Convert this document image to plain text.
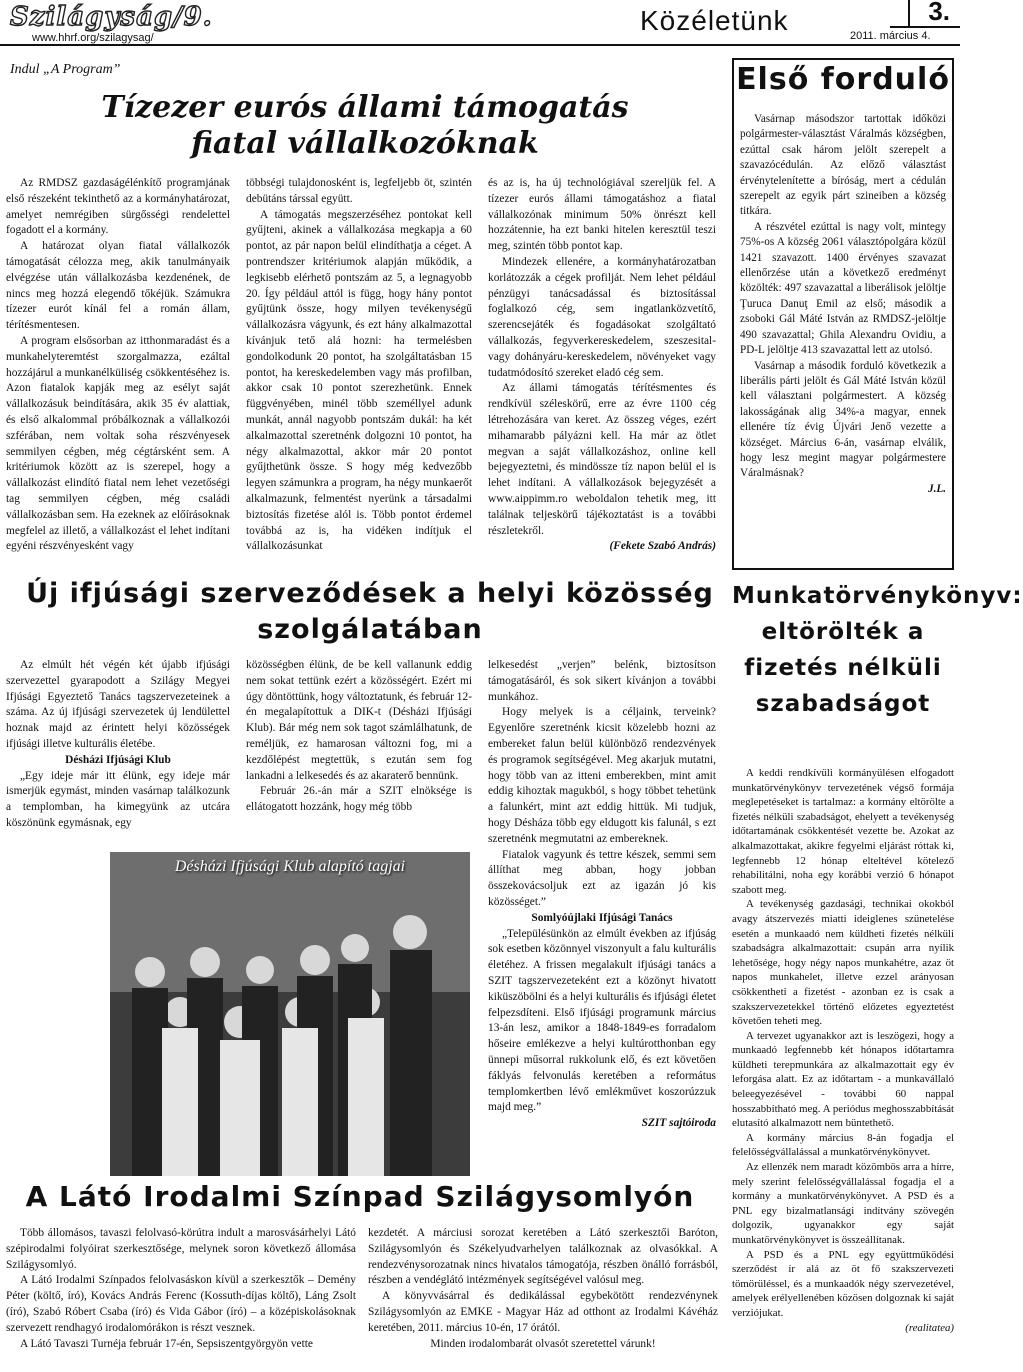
Szilágyság/9.
www.hhrf.org/szilagysag/
Közéletünk	3.
2011. március 4.
Indul „A Program”
Tízezer eurós állami támogatás fiatal vállalkozóknak

Az RMDSZ gazdaságélénkítő programjának első részeként tekinthető az a kormányhatározat, amelyet nemrégiben sürgősségi rendelettel fogadott el a kormány.

A határozat olyan fiatal vállalkozók támogatását célozza meg, akik tanulmányaik elvégzése után vállalkozásba kezdenének, de nincs meg hozzá elegendő tőkéjük. Számukra tízezer eurót kínál fel a román állam, térítésmentesen.

A program elsősorban az itthonmaradást és a munkahelyteremtést szorgalmazza, ezáltal hozzájárul a munkanélküliség csökkentéséhez is. Azon fiatalok kapják meg az esélyt saját vállalkozásuk beindítására, akik 35 év alattiak, és első alkalommal próbálkoznak a vállalkozói szférában, nem voltak soha részvényesek semmilyen cégben, még cégtársként sem. A kritériumok között az is szerepel, hogy a vállalkozást elindító fiatal nem lehet vezetőségi tag semmilyen cégben, még családi vállalkozásban sem. Ha ezeknek az előírásoknak megfelel az illető, a vállalkozást el lehet indítani egyéni részvényesként vagy

többségi tulajdonosként is, legfeljebb öt, szintén debütáns társsal együtt.

A támogatás megszerzéséhez pontokat kell gyűjteni, akinek a vállalkozása megkapja a 60 pontot, az pár napon belül elindíthatja a céget. A pontrendszer kritériumok alapján működik, a legkisebb elérhető pontszám az 5, a legnagyobb 20. Így például attól is függ, hogy hány pontot gyűjtünk össze, hogy milyen tevékenységű vállalkozásra vágyunk, és ezt hány alkalmazottal kívánjuk tető alá hozni: ha termelésben gondolkodunk 20 pontot, ha szolgáltatásban 15 pontot, ha kereskedelemben vagy más profilban, akkor csak 10 pontot szerezhetünk. Ennek függvényében, minél több személlyel adunk munkát, annál nagyobb pontszám dukál: ha két alkalmazottal szeretnénk dolgozni 10 pontot, ha négy alkalmazottal, akkor már 20 pontot gyűjthetünk össze. S hogy még kedvezőbb legyen számunkra a program, ha négy munkaerőt alkalmazunk, felmentést nyerünk a társadalmi biztosítás fizetése alól is. Több pontot érdemel továbbá az is, ha vidéken indítjuk el vállalkozásunkat

és az is, ha új technológiával szereljük fel. A tízezer eurós állami támogatáshoz a fiatal vállalkozónak minimum 50% önrészt kell hozzátennie, ha ezt banki hitelen keresztül teszi meg, szintén több pontot kap.

Mindezek ellenére, a kormányhatározatban korlátozzák a cégek profilját. Nem lehet például pénzügyi tanácsadással és biztosítással foglalkozó cég, sem ingatlanközvetítő, szerencsejáték és fogadásokat szolgáltató vállalkozás, fegyverkereskedelem, szeszesital- vagy dohányáru-kereskedelem, növényeket vagy tudatmódosító szereket eladó cég sem.

Az állami támogatás térítésmentes és rendkívül széleskörű, erre az évre 1100 cég létrehozására van keret. Az összeg véges, ezért mihamarabb pályázni kell. Ha már az ötlet megvan a saját vállalkozáshoz, online kell bejegyeztetni, és mindössze tíz napon belül el is lehet indítani. A vállalkozások bejegyzését a www.aippimm.ro weboldalon tehetik meg, itt találnak teljeskörű tájékoztatást is a további részletekről.

(Fekete Szabó András)

Első forduló

Vasárnap másodszor tartottak időközi polgármester-választást Váralmás községben, ezúttal csak három jelölt szerepelt a szavazócédulán. Az előző választást érvénytelenítette a bíróság, mert a cédulán szerepelt az egyik párt szineiben a község titkára.

A részvétel ezúttal is nagy volt, mintegy 75%-os A község 2061 választópolgára közül 1421 szavazott. 1400 érvényes szavazat ellenőrzése után a következő eredményt közölték: 497 szavazattal a liberálisok jelöltje Ţurucа Danuţ Emil az első; második a zsoboki Gál Máté István az RMDSZ-jelöltje 490 szavazattal; Ghila Alexandru Ovidiu, a PD-L jelöltje 413 szavazattal lett az utolsó.

Vasárnap a második forduló következik a liberális párti jelölt és Gál Máté István közül kell választani polgármestert. A község lakosságának alig 34%-a magyar, ennek ellenére tíz évig Újvári Jenő vezette a községet. Március 6-án, vasárnap elválik, hogy lesz megint magyar polgármestere Váralmásnak?

J.L.

Új ifjúsági szerveződések a helyi közösség szolgálatában

Az elmúlt hét végén két újabb ifjúsági szervezettel gyarapodott a Szilágy Megyei Ifjúsági Egyeztető Tanács tagszervezeteinek a száma. Az új ifjúsági szervezetek új lendülettel hoznak majd az érintett helyi közösségek ifjúsági illetve kulturális életébe.

Désházi Ifjúsági Klub

„Egy ideje már itt élünk, egy ideje már ismerjük egymást, minden vasárnap találkozunk a templomban, ha kimegyünk az utcára köszönünk egymásnak, egy

közösségben élünk, de be kell vallanunk eddig nem sokat tettünk ezért a közösségért. Ezért mi úgy döntöttünk, hogy változtatunk, és február 12-én megalapítottuk a DIK-t (Désházi Ifjúsági Klub). Bár még nem sok tagot számlálhatunk, de reméljük, ez hamarosan változni fog, mi a kezdőlépést megtettük, s ezután sem fog lankadni a lelkesedés és az akaraterő bennünk.

Február 26.-án már a SZIT elnöksége is ellátogatott hozzánk, hogy még több

lelkesedést „verjen” belénk, biztosítson támogatásáról, és sok sikert kívánjon a további munkához.

Hogy melyek is a céljaink, terveink? Egyenlőre szeretnénk kicsit közelebb hozni az embereket falun belül különböző rendezvények és programok segítségével. Meg akarjuk mutatni, hogy több van az itteni emberekben, mint amit eddig kihoztak magukból, s hogy többet tehetünk a falunkért, mint azt eddig hittük. Mi tudjuk, hogy Désháza több egy eldugott kis falunál, s ezt szeretnénk megmutatni az embereknek.

Fiatalok vagyunk és tettre készek, semmi sem állíthat meg abban, hogy jobban összekovácsoljuk ezt az igazán jó kis közösséget.”

Somlyóújlaki Ifjúsági Tanács

„Településünkön az elmúlt években az ifjúság sok esetben közönnyel viszonyult a falu kulturális életéhez. A frissen megalakult ifjúsági tanács a SZIT tagszervezeteként ezt a közönyt hivatott kiküszöbölni és a helyi kulturális és ifjúsági életet felpezsdíteni. Első ifjúsági programunk március 13-án lesz, amikor a 1848-1849-es forradalom hőseire emlékezve a helyi kultúrotthonban egy ünnepi műsorral rukkolunk elő, és ezt követően fáklyás felvonulás keretében a református templomkertben lévő emlékművet koszorúzzuk majd meg.”

SZIT sajtóiroda

Désházi Ifjúsági Klub alapító tagjai
Munkatörvénykönyv: eltörölték a fizetés nélküli szabadságot

A keddi rendkívüli kormányülésen elfogadott munkatörvénykönyv tervezetének végső formája meglepetéseket is tartalmaz: a kormány eltörölte a fizetés nélküli szabadságot, ehelyett a tevékenység időtartamának csökkentését vezette be. Azokat az alkalmazottakat, akikre fegyelmi eljárást róttak ki, legfennebb 12 hónap elteltével kötelező rehabilitálni, noha egy korábbi verzió 6 hónapot szabott meg.

A tevékenység gazdasági, technikai okokból avagy átszervezés miatti ideiglenes szünetelése esetén a munkaadó nem küldheti fizetés nélküli szabadságra alkalmazottait: csupán arra nyílik lehetősége, hogy négy napos munkahétre, azaz öt napos munkahelet, illetve ezzel arányosan csökkentheti a fizetést - azonban ez is csak a szakszervezetekkel történő előzetes egyeztetést követően teheti meg.

A tervezet ugyanakkor azt is leszögezi, hogy a munkaadó legfennebb két hónapos időtartamra küldheti terepmunkára az alkalmazottait egy év leforgása alatt. Ez az időtartam - a munkavállaló beleegyezésével - további 60 nappal hosszabbítható meg. A periódus meghosszabbítását elutasító alkalmazott nem büntethető.

A kormány március 8-án fogadja el felelősségvállalással a munkatörvénykönyvet.

Az ellenzék nem maradt közömbös arra a hírre, mely szerint felelősségvállalással fogadja el a kormány a munkatörvénykönyvet. A PSD és a PNL egy bizalmatlansági indítvány szövegén dolgozik, ugyanakkor egy saját munkatörvénykönyvet is összeállítanak.

A PSD és a PNL egy együttműködési szerződést ír alá az öt fő szakszervezeti tömörüléssel, és a munkaadók négy szervezetével, amelyek erélyellenében közösen dolgoznak ki saját verziójukat.

(realitatea)

A Látó Irodalmi Színpad Szilágysomlyón

Több állomásos, tavaszi felolvasó-körútra indult a marosvásárhelyi Látó szépirodalmi folyóirat szerkesztősége, melynek soron következő állomása Szilágysomlyó.

A Látó Irodalmi Színpados felolvasáskon kívül a szerkesztők – Demény Péter (költő, író), Kovács András Ferenc (Kossuth-díjas költő), Láng Zsolt (író), Szabó Róbert Csaba (író) és Vida Gábor (író) – a középiskolásoknak szervezett rendhagyó irodalomórákon is részt vesznek.

A Látó Tavaszi Turnéja február 17-én, Sepsiszentgyörgyön vette

kezdetét. A márciusi sorozat keretében a Látó szerkesztői Baróton, Szilágysomlyón és Székelyudvarhelyen találkoznak az olvasókkal. A rendezvénysorozatnak nincs hivatalos támogatója, részben önálló forrásból, részben a vendéglátó intézmények segítségével valósul meg.

A könyvvásárral és dedikálással egybekötött rendezvénynek Szilágysomlyón az EMKE - Magyar Ház ad otthont az Irodalmi Kávéház keretében, 2011. március 10-én, 17 órától.

Minden irodalombarát olvasót szeretettel várunk!
